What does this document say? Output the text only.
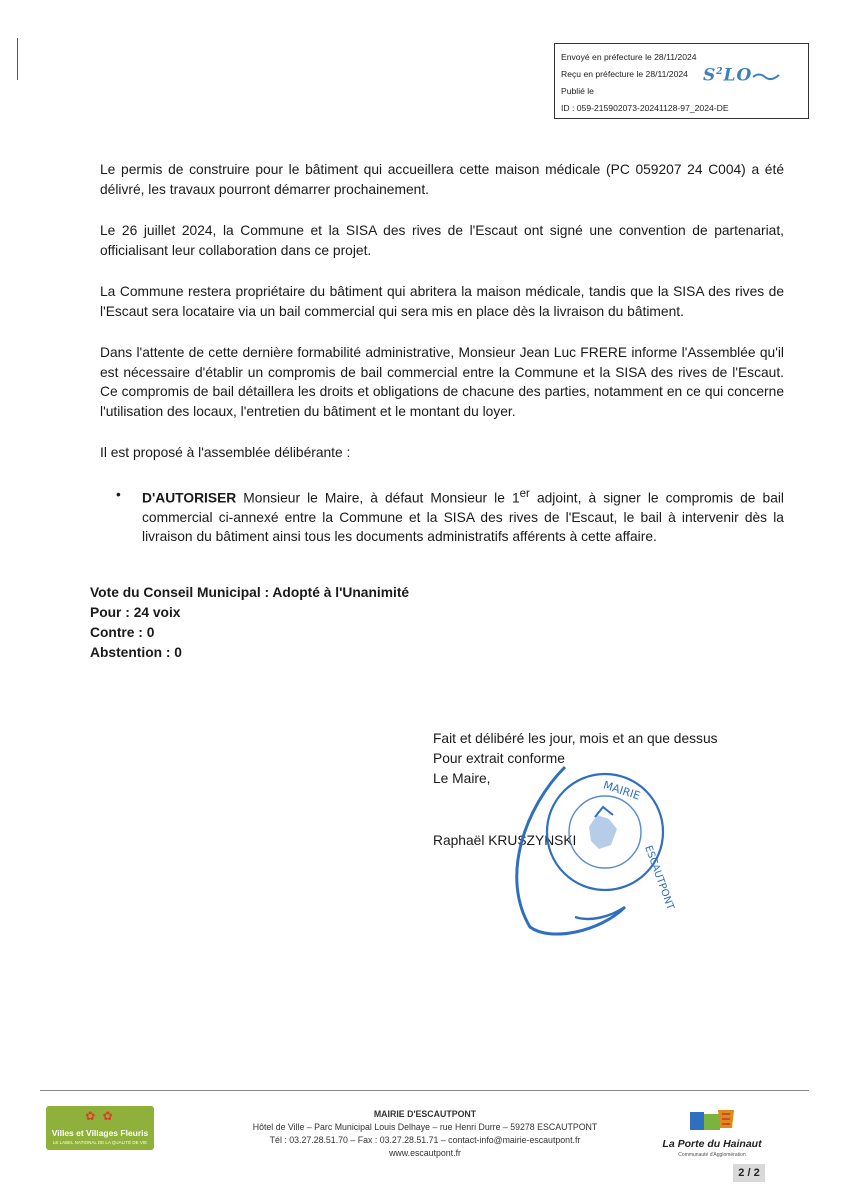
Envoyé en préfecture le 28/11/2024
Reçu en préfecture le 28/11/2024
Publié le
ID : 059-215902073-20241128-97_2024-DE
$S^2LO$

Le permis de construire pour le bâtiment qui accueillera cette maison médicale (PC 059207 24 C004) a été délivré, les travaux pourront démarrer prochainement.

Le 26 juillet 2024, la Commune et la SISA des rives de l'Escaut ont signé une convention de partenariat, officialisant leur collaboration dans ce projet.

La Commune restera propriétaire du bâtiment qui abritera la maison médicale, tandis que la SISA des rives de l'Escaut sera locataire via un bail commercial qui sera mis en place dès la livraison du bâtiment.

Dans l'attente de cette dernière formabilité administrative, Monsieur Jean Luc FRERE informe l'Assemblée qu'il est nécessaire d'établir un compromis de bail commercial entre la Commune et la SISA des rives de l'Escaut. Ce compromis de bail détaillera les droits et obligations de chacune des parties, notamment en ce qui concerne l'utilisation des locaux, l'entretien du bâtiment et le montant du loyer.

Il est proposé à l'assemblée délibérante :

• D'AUTORISER Monsieur le Maire, à défaut Monsieur le 1er adjoint, à signer le compromis de bail commercial ci-annexé entre la Commune et la SISA des rives de l'Escaut, le bail à intervenir dès la livraison du bâtiment ainsi tous les documents administratifs afférents à cette affaire.

Vote du Conseil Municipal : Adopté à l'Unanimité
Pour : 24 voix
Contre : 0
Abstention : 0
Fait et délibéré les jour, mois et an que dessus
Pour extrait conforme
Le Maire,
Raphaël KRUSZYNSKI
MAIRIE
ESCAUTPONT
✿ ✿
Villes et Villages Fleuris
LE LABEL NATIONAL DE LA QUALITÉ DE VIE
MAIRIE D'ESCAUTPONT
Hôtel de Ville – Parc Municipal Louis Delhaye – rue Henri Durre – 59278 ESCAUTPONT
Tél : 03.27.28.51.70 – Fax : 03.27.28.51.71 – contact-info@mairie-escautpont.fr
www.escautpont.fr
La Porte du Hainaut
Communauté d'Agglomération
2 / 2
